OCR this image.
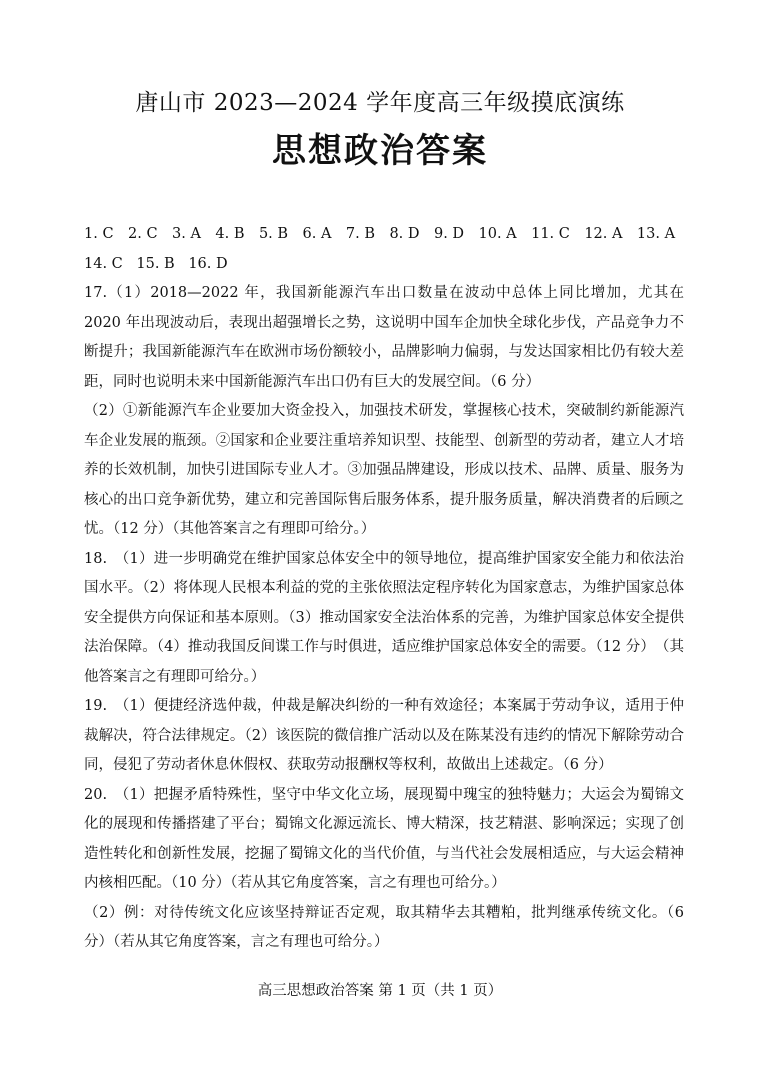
唐山市 2023—2024 学年度高三年级摸底演练
思想政治答案

1. C 2. C 3. A 4. B 5. B 6. A 7. B 8. D 9. D 10. A 11. C 12. A 13. A 14. C 15. B 16. D

17.（1）2018—2022 年，我国新能源汽车出口数量在波动中总体上同比增加，尤其在 2020 年出现波动后，表现出超强增长之势，这说明中国车企加快全球化步伐，产品竞争力不断提升；我国新能源汽车在欧洲市场份额较小，品牌影响力偏弱，与发达国家相比仍有较大差距，同时也说明未来中国新能源汽车出口仍有巨大的发展空间。（6 分）

（2）①新能源汽车企业要加大资金投入，加强技术研发，掌握核心技术，突破制约新能源汽车企业发展的瓶颈。②国家和企业要注重培养知识型、技能型、创新型的劳动者，建立人才培养的长效机制，加快引进国际专业人才。③加强品牌建设，形成以技术、品牌、质量、服务为核心的出口竞争新优势，建立和完善国际售后服务体系，提升服务质量，解决消费者的后顾之忧。（12 分）（其他答案言之有理即可给分。）

18.　（1）进一步明确党在维护国家总体安全中的领导地位，提高维护国家安全能力和依法治国水平。（2）将体现人民根本利益的党的主张依照法定程序转化为国家意志，为维护国家总体安全提供方向保证和基本原则。（3）推动国家安全法治体系的完善，为维护国家总体安全提供法治保障。（4）推动我国反间谍工作与时俱进，适应维护国家总体安全的需要。（12 分）　（其他答案言之有理即可给分。）

19.　（1）便捷经济选仲裁，仲裁是解决纠纷的一种有效途径；本案属于劳动争议，适用于仲裁解决，符合法律规定。（2）该医院的微信推广活动以及在陈某没有违约的情况下解除劳动合同，侵犯了劳动者休息休假权、获取劳动报酬权等权利，故做出上述裁定。（6 分）

20.　（1）把握矛盾特殊性，坚守中华文化立场，展现蜀中瑰宝的独特魅力；大运会为蜀锦文化的展现和传播搭建了平台；蜀锦文化源远流长、博大精深，技艺精湛、影响深远；实现了创造性转化和创新性发展，挖掘了蜀锦文化的当代价值，与当代社会发展相适应，与大运会精神内核相匹配。（10 分）（若从其它角度答案，言之有理也可给分。）

（2）例：对待传统文化应该坚持辩证否定观，取其精华去其糟粕，批判继承传统文化。（6 分）（若从其它角度答案，言之有理也可给分。）

高三思想政治答案 第 1 页（共 1 页）
